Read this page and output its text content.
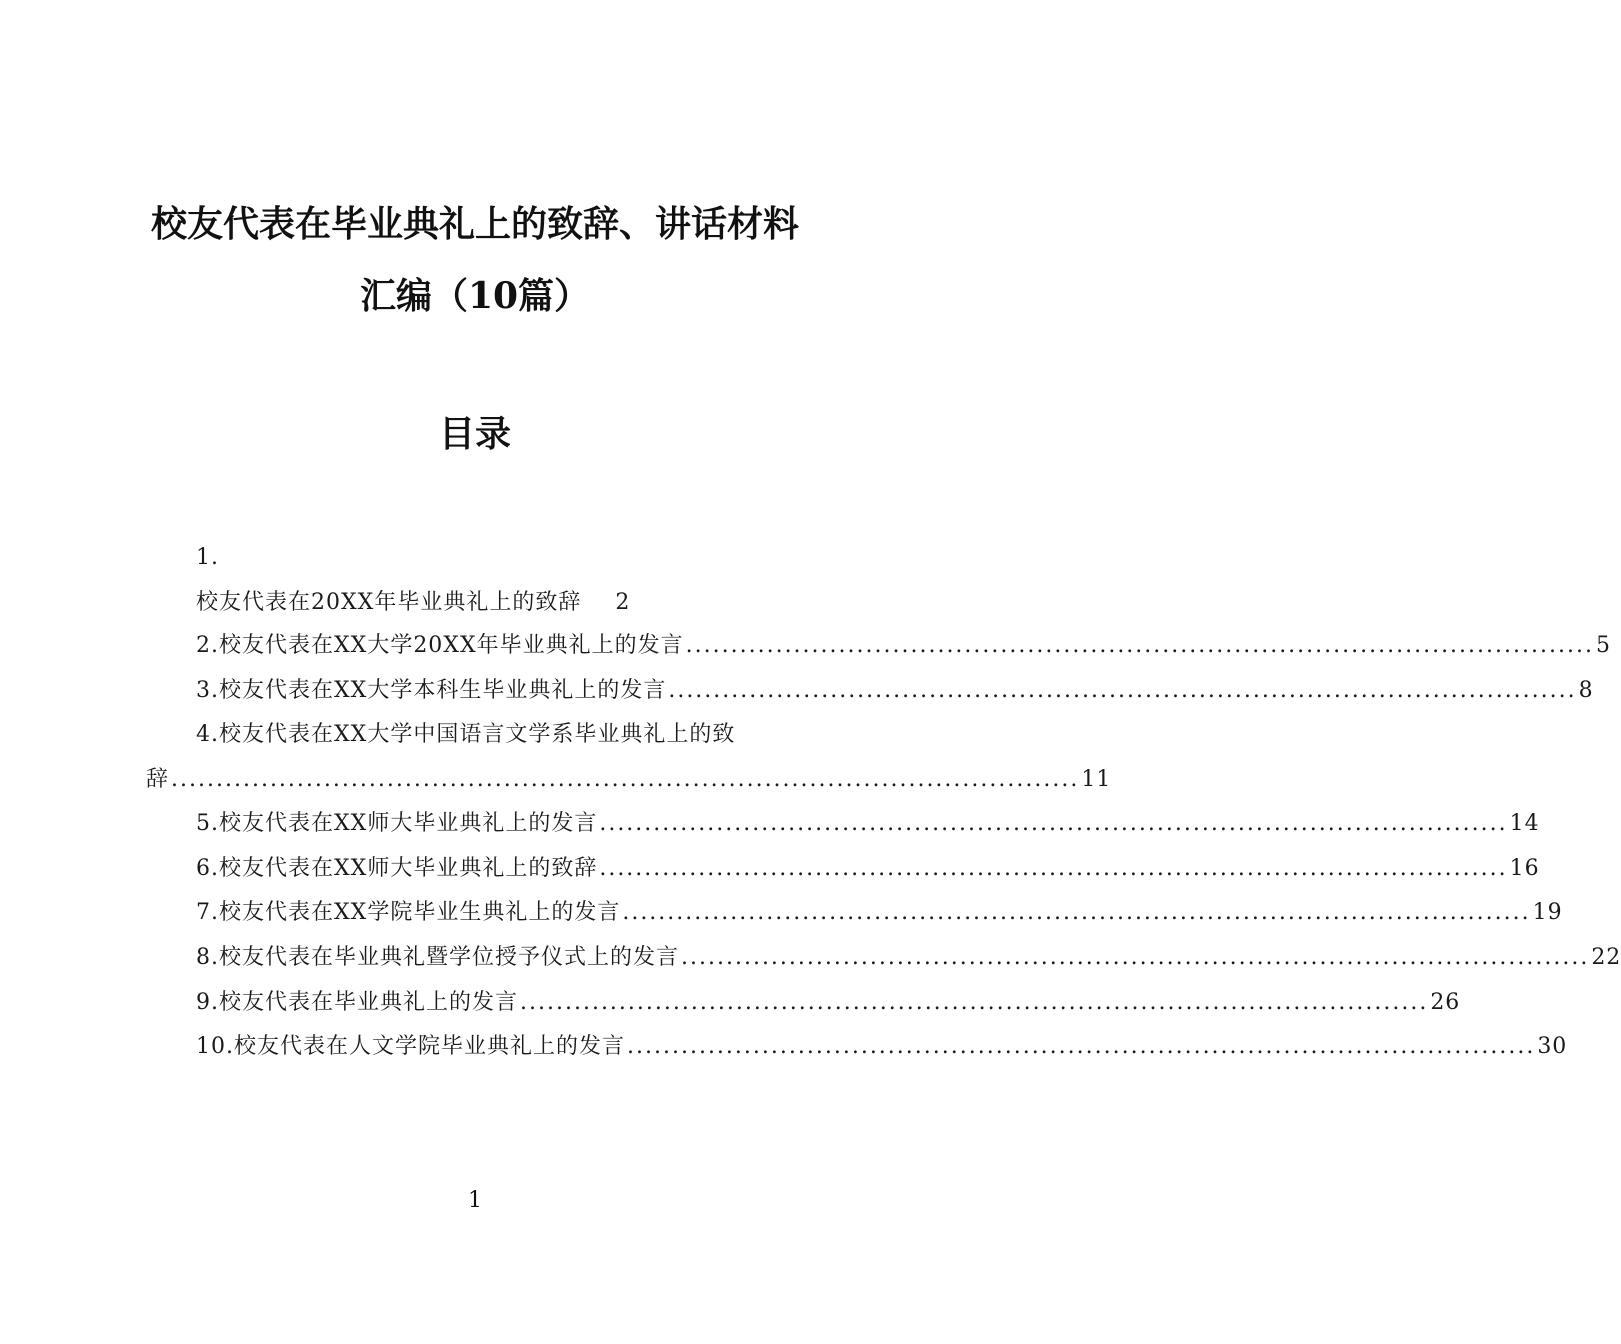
校友代表在毕业典礼上的致辞、讲话材料
汇编（10篇）
目录
1.
校友代表在20XX年毕业典礼上的致辞 2
2.校友代表在XX大学20XX年毕业典礼上的发言 ..................................................................................................... 5
3.校友代表在XX大学本科生毕业典礼上的发言 ..................................................................................................... 8
4.校友代表在XX大学中国语言文学系毕业典礼上的致
辞 ..................................................................................................... 11
5.校友代表在XX师大毕业典礼上的发言 ..................................................................................................... 14
6.校友代表在XX师大毕业典礼上的致辞 ..................................................................................................... 16
7.校友代表在XX学院毕业生典礼上的发言 ..................................................................................................... 19
8.校友代表在毕业典礼暨学位授予仪式上的发言 ..................................................................................................... 22
9.校友代表在毕业典礼上的发言 ..................................................................................................... 26
10.校友代表在人文学院毕业典礼上的发言 ..................................................................................................... 30
1
